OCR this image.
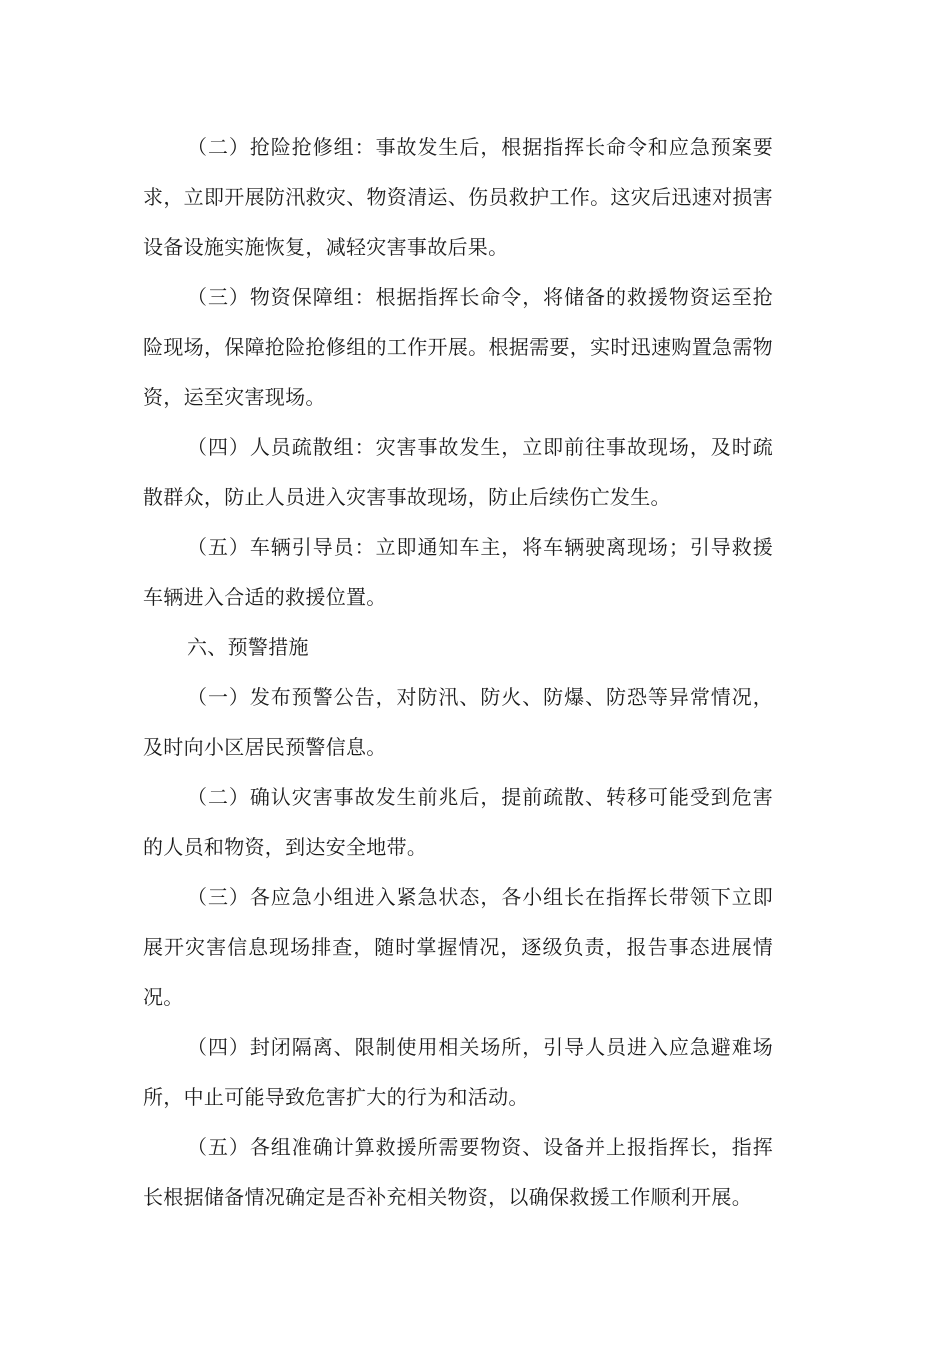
（二）抢险抢修组：事故发生后，根据指挥长命令和应急预案要求，立即开展防汛救灾、物资清运、伤员救护工作。这灾后迅速对损害设备设施实施恢复，减轻灾害事故后果。

（三）物资保障组：根据指挥长命令，将储备的救援物资运至抢险现场，保障抢险抢修组的工作开展。根据需要，实时迅速购置急需物资，运至灾害现场。

（四）人员疏散组：灾害事故发生，立即前往事故现场，及时疏散群众，防止人员进入灾害事故现场，防止后续伤亡发生。

（五）车辆引导员：立即通知车主，将车辆驶离现场；引导救援车辆进入合适的救援位置。

六、预警措施

（一）发布预警公告，对防汛、防火、防爆、防恐等异常情况，及时向小区居民预警信息。

（二）确认灾害事故发生前兆后，提前疏散、转移可能受到危害的人员和物资，到达安全地带。

（三）各应急小组进入紧急状态，各小组长在指挥长带领下立即展开灾害信息现场排查，随时掌握情况，逐级负责，报告事态进展情况。

（四）封闭隔离、限制使用相关场所，引导人员进入应急避难场所，中止可能导致危害扩大的行为和活动。

（五）各组准确计算救援所需要物资、设备并上报指挥长，指挥长根据储备情况确定是否补充相关物资，以确保救援工作顺利开展。
